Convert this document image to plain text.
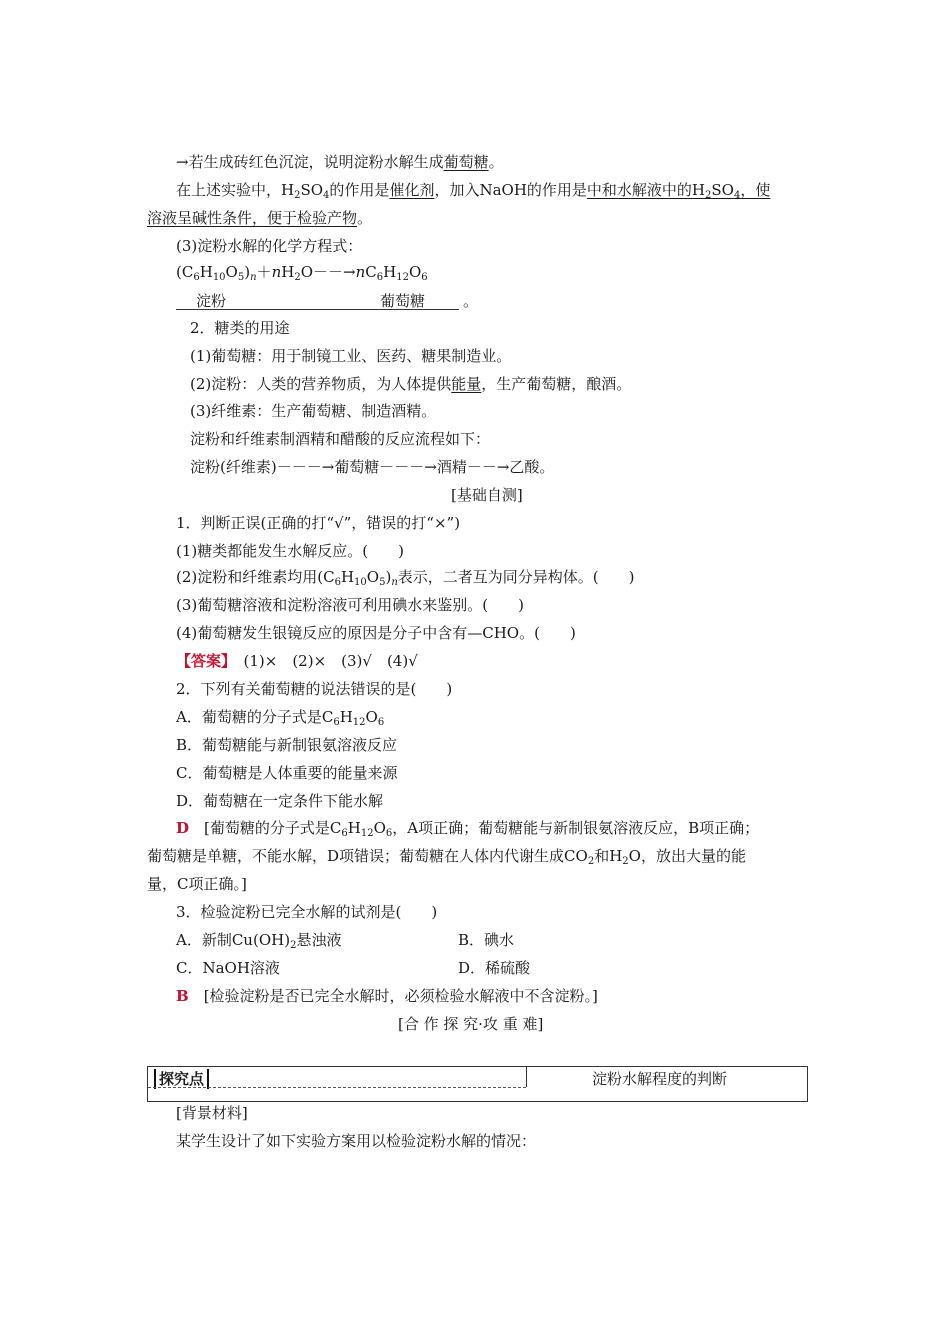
→若生成砖红色沉淀，说明淀粉水解生成葡萄糖。
在上述实验中，$H_2SO_4$的作用是催化剂，加入NaOH的作用是中和水解液中的$H_2SO_4$，使
溶液呈碱性条件，便于检验产物。
(3)淀粉水解的化学方程式：
$(C_6H_{10}O_5)_n+nH_2O--\to nC_6H_{12}O_6$
淀粉	葡萄糖	。
2．糖类的用途
(1)葡萄糖：用于制镜工业、医药、糖果制造业。
(2)淀粉：人类的营养物质，为人体提供能量，生产葡萄糖，酿酒。
(3)纤维素：生产葡萄糖、制造酒精。
淀粉和纤维素制酒精和醋酸的反应流程如下：
淀粉(纤维素)－－－→葡萄糖－－－→酒精－－→乙酸。
[基础自测]
1．判断正误(正确的打“√”，错误的打“×”)
(1)糖类都能发生水解反应。(　　)
(2)淀粉和纤维素均用$(C_6H_{10}O_5)_n$表示，二者互为同分异构体。(　　)
(3)葡萄糖溶液和淀粉溶液可利用碘水来鉴别。(　　)
(4)葡萄糖发生银镜反应的原因是分子中含有—CHO。(　　)
【答案】　(1)×　(2)×　(3)√　(4)√
2．下列有关葡萄糖的说法错误的是(　　)
A．葡萄糖的分子式是$C_6H_{12}O_6$
B．葡萄糖能与新制银氨溶液反应
C．葡萄糖是人体重要的能量来源
D．葡萄糖在一定条件下能水解
D　[葡萄糖的分子式是$C_6H_{12}O_6$，A项正确；葡萄糖能与新制银氨溶液反应，B项正确；
葡萄糖是单糖，不能水解，D项错误；葡萄糖在人体内代谢生成$CO_2$和$H_2O$，放出大量的能
量，C项正确。]
3．检验淀粉已完全水解的试剂是(　　)
A．新制$Cu(OH)_2$悬浊液	B．碘水
C．NaOH溶液	D．稀硫酸
B　[检验淀粉是否已完全水解时，必须检验水解液中不含淀粉。]
[合 作 探 究·攻 重 难]
探究点	淀粉水解程度的判断
[背景材料]
某学生设计了如下实验方案用以检验淀粉水解的情况：
